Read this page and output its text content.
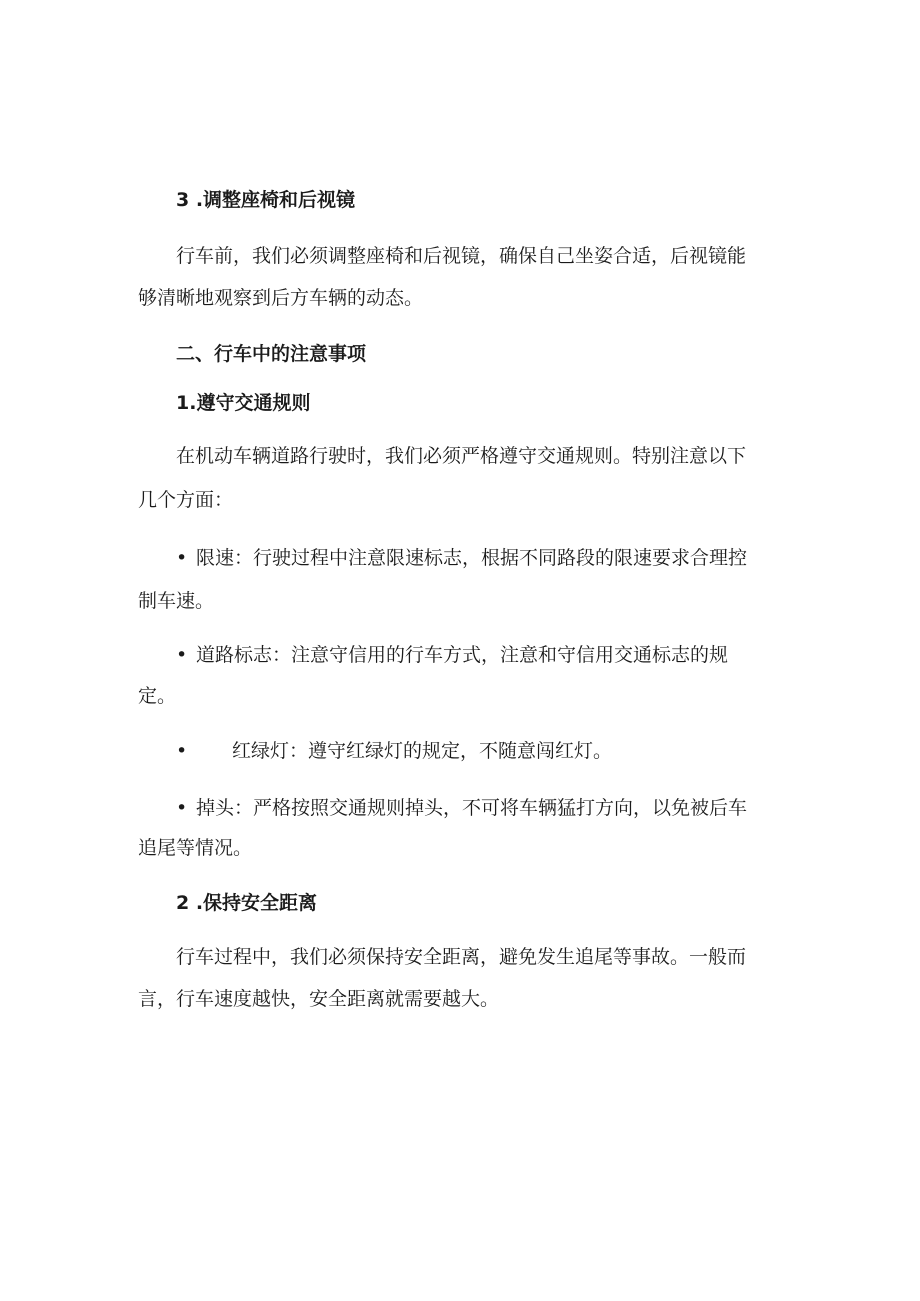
3 .调整座椅和后视镜
行车前，我们必须调整座椅和后视镜，确保自己坐姿合适，后视镜能
够清晰地观察到后方车辆的动态。
二、行车中的注意事项
1.遵守交通规则
在机动车辆道路行驶时，我们必须严格遵守交通规则。特别注意以下
几个方面：
• 限速：行驶过程中注意限速标志，根据不同路段的限速要求合理控
制车速。
• 道路标志：注意守信用的行车方式，注意和守信用交通标志的规
定。
• 红绿灯：遵守红绿灯的规定，不随意闯红灯。
• 掉头：严格按照交通规则掉头，不可将车辆猛打方向，以免被后车
追尾等情况。
2 .保持安全距离
行车过程中，我们必须保持安全距离，避免发生追尾等事故。一般而
言，行车速度越快，安全距离就需要越大。
